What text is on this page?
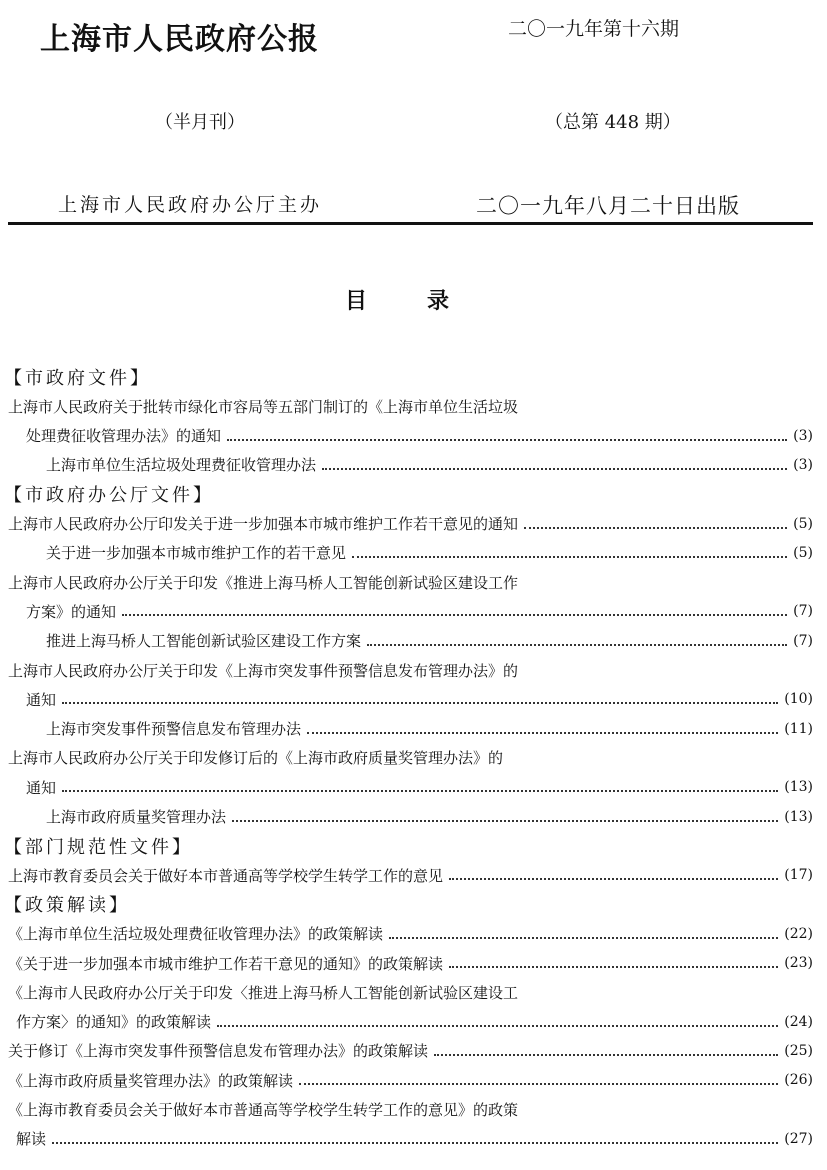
上海市人民政府公报	二〇一九年第十六期
（半月刊）	（总第 448 期）
上海市人民政府办公厅主办	二〇一九年八月二十日出版
目录
【市政府文件】
上海市人民政府关于批转市绿化市容局等五部门制订的《上海市单位生活垃圾
处理费征收管理办法》的通知	(3)
上海市单位生活垃圾处理费征收管理办法	(3)
【市政府办公厅文件】
上海市人民政府办公厅印发关于进一步加强本市城市维护工作若干意见的通知	(5)
关于进一步加强本市城市维护工作的若干意见	(5)
上海市人民政府办公厅关于印发《推进上海马桥人工智能创新试验区建设工作
方案》的通知	(7)
推进上海马桥人工智能创新试验区建设工作方案	(7)
上海市人民政府办公厅关于印发《上海市突发事件预警信息发布管理办法》的
通知	(10)
上海市突发事件预警信息发布管理办法	(11)
上海市人民政府办公厅关于印发修订后的《上海市政府质量奖管理办法》的
通知	(13)
上海市政府质量奖管理办法	(13)
【部门规范性文件】
上海市教育委员会关于做好本市普通高等学校学生转学工作的意见	(17)
【政策解读】
《上海市单位生活垃圾处理费征收管理办法》的政策解读	(22)
《关于进一步加强本市城市维护工作若干意见的通知》的政策解读	(23)
《上海市人民政府办公厅关于印发〈推进上海马桥人工智能创新试验区建设工
作方案〉的通知》的政策解读	(24)
关于修订《上海市突发事件预警信息发布管理办法》的政策解读	(25)
《上海市政府质量奖管理办法》的政策解读	(26)
《上海市教育委员会关于做好本市普通高等学校学生转学工作的意见》的政策
解读	(27)
